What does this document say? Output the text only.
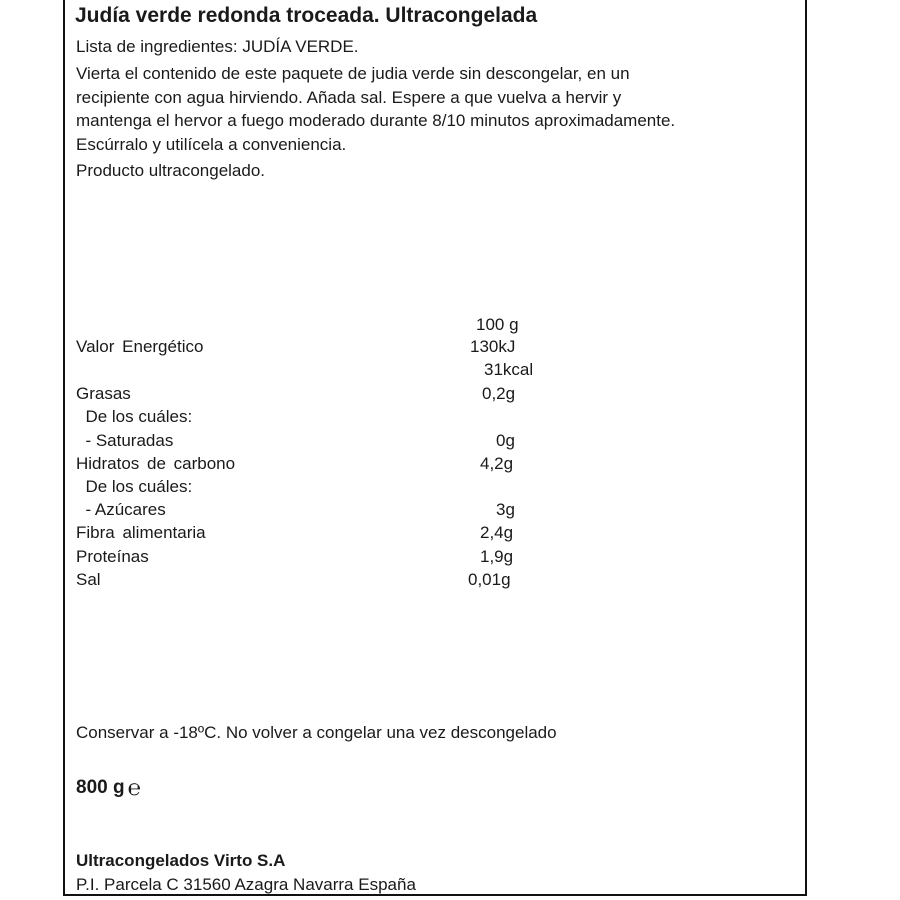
Judía verde redonda troceada. Ultracongelada
Lista de ingredientes: JUDÍA VERDE.
Vierta el contenido de este paquete de judia verde sin descongelar, en un
recipiente con agua hirviendo. Añada sal. Espere a que vuelva a hervir y
mantenga el hervor a fuego moderado durante 8/10 minutos aproximadamente.
Escúrralo y utilícela a conveniencia.
Producto ultracongelado.
100 g
Valor Energético	130kJ
31kcal
Grasas	0,2g
De los cuáles:
- Saturadas	0g
Hidratos de carbono	4,2g
De los cuáles:
- Azúcares	3g
Fibra alimentaria	2,4g
Proteínas	1,9g
Sal	0,01g
Conservar a -18ºC. No volver a congelar una vez descongelado
800 g ℮
Ultracongelados Virto S.A
P.I. Parcela C 31560 Azagra Navarra España
